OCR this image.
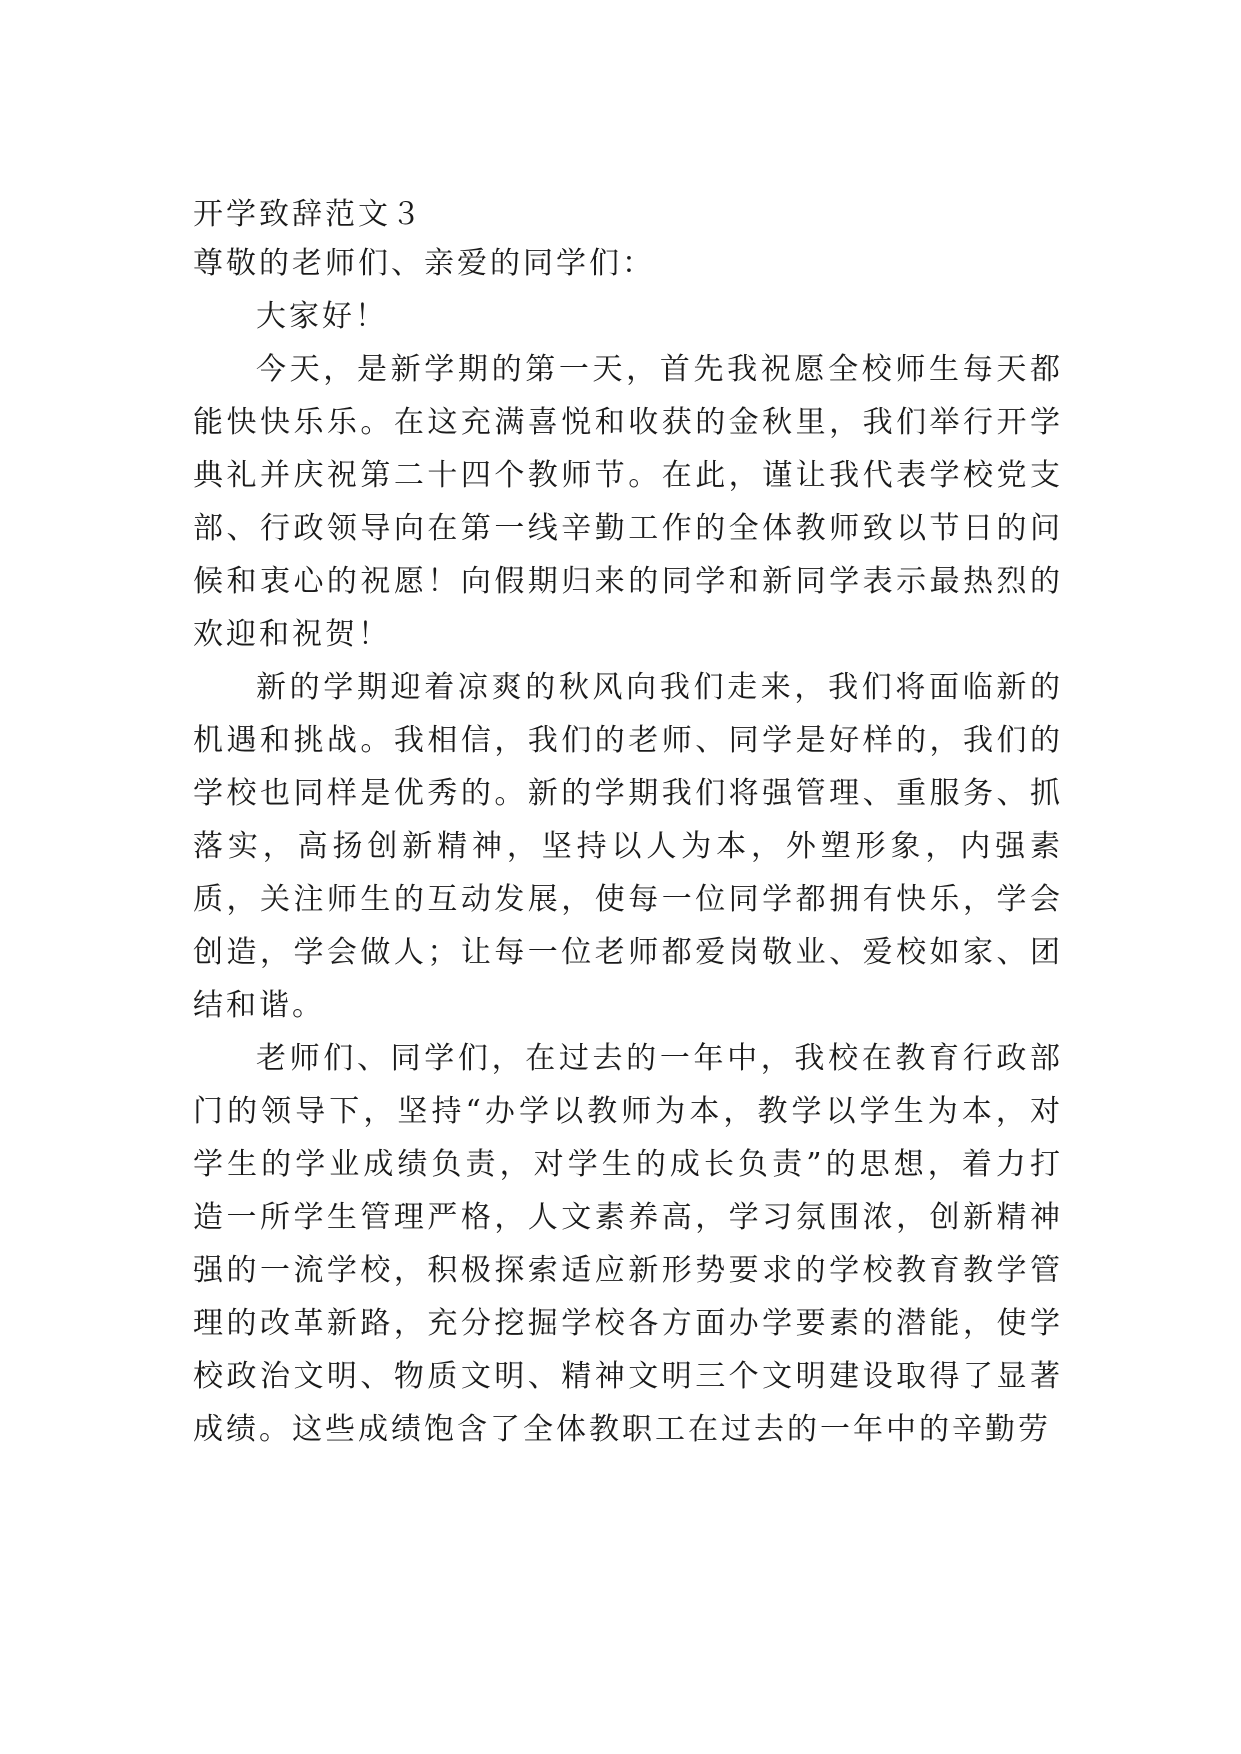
开学致辞范文３

尊敬的老师们、亲爱的同学们：

大家好！

今天，是新学期的第一天，首先我祝愿全校师生每天都能快快乐乐。在这充满喜悦和收获的金秋里，我们举行开学典礼并庆祝第二十四个教师节。在此，谨让我代表学校党支部、行政领导向在第一线辛勤工作的全体教师致以节日的问候和衷心的祝愿！向假期归来的同学和新同学表示最热烈的欢迎和祝贺！

新的学期迎着凉爽的秋风向我们走来，我们将面临新的机遇和挑战。我相信，我们的老师、同学是好样的，我们的学校也同样是优秀的。新的学期我们将强管理、重服务、抓落实，高扬创新精神，坚持以人为本，外塑形象，内强素质，关注师生的互动发展，使每一位同学都拥有快乐，学会创造，学会做人；让每一位老师都爱岗敬业、爱校如家、团结和谐。

老师们、同学们，在过去的一年中，我校在教育行政部门的领导下，坚持“办学以教师为本，教学以学生为本，对学生的学业成绩负责，对学生的成长负责”的思想，着力打造一所学生管理严格，人文素养高，学习氛围浓，创新精神强的一流学校，积极探索适应新形势要求的学校教育教学管理的改革新路，充分挖掘学校各方面办学要素的潜能，使学校政治文明、物质文明、精神文明三个文明建设取得了显著成绩。这些成绩饱含了全体教职工在过去的一年中的辛勤劳
